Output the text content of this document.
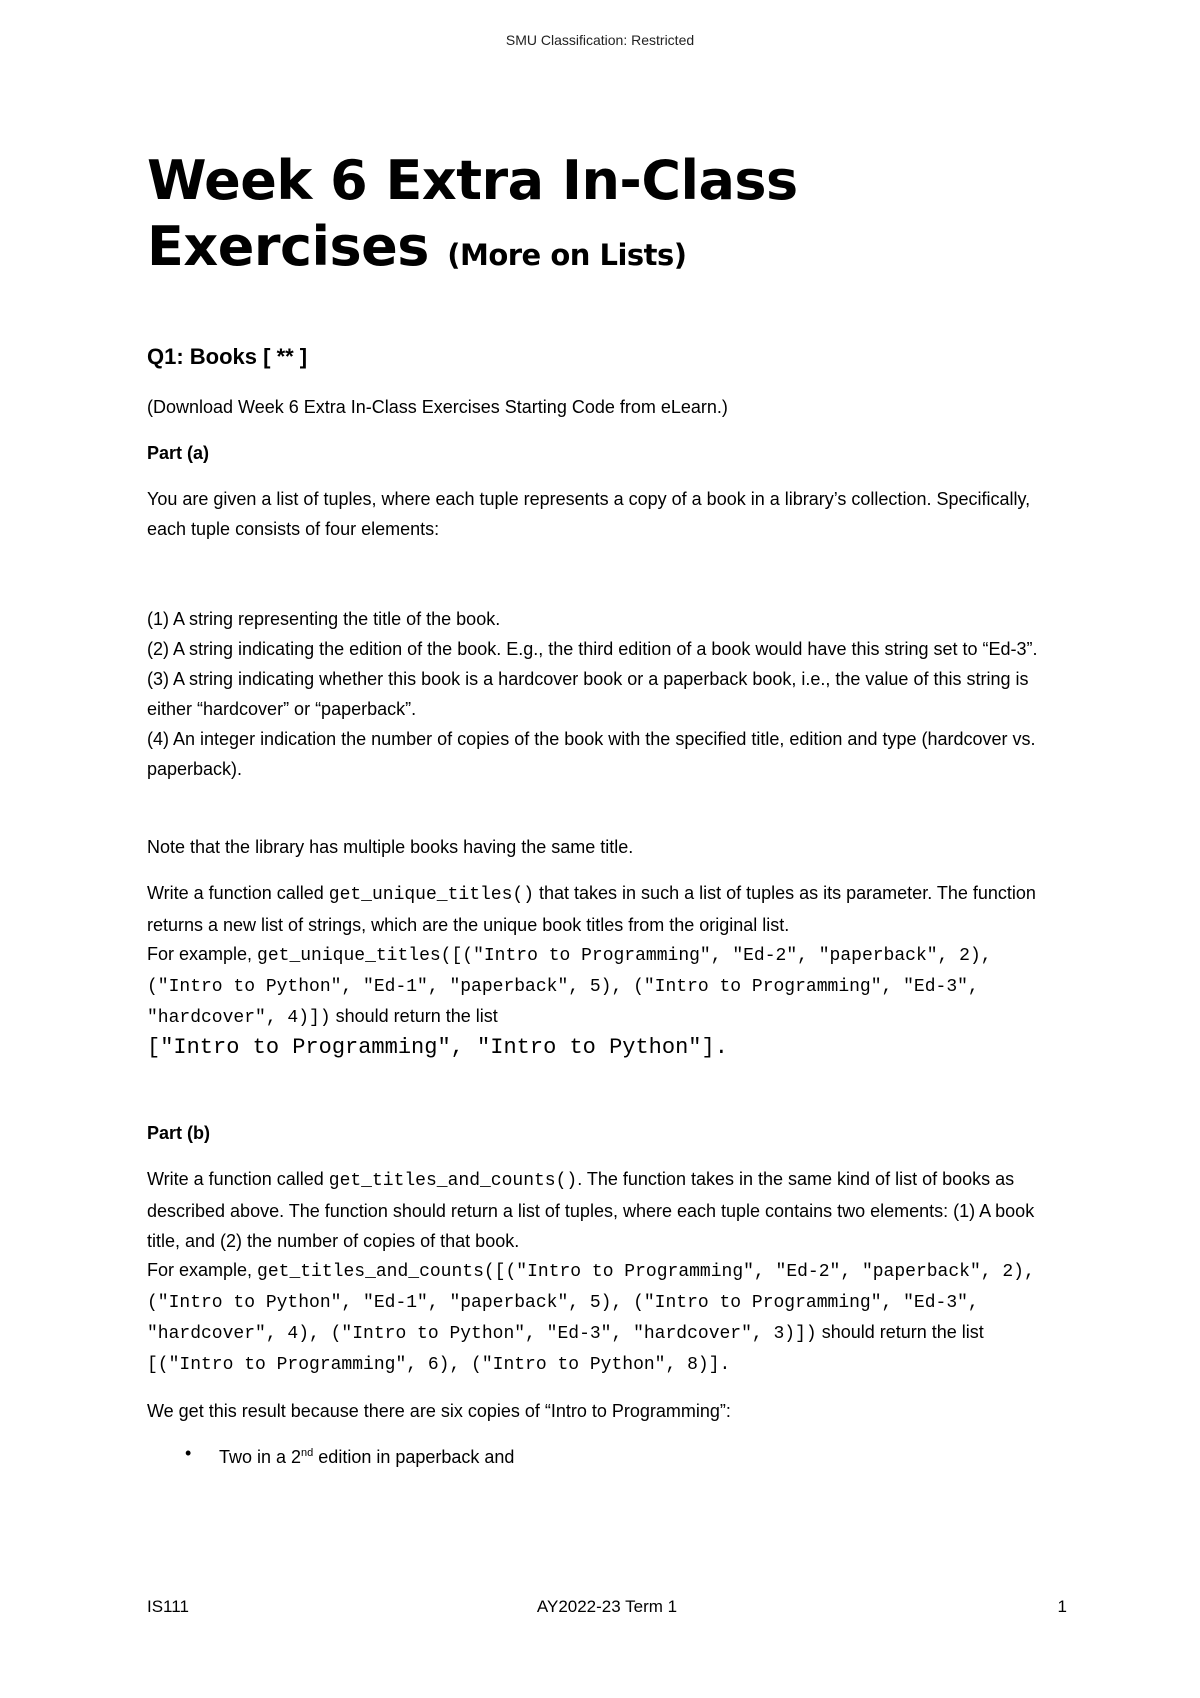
SMU Classification: Restricted
Week 6 Extra In-Class
Exercises (More on Lists)
Q1: Books [ ** ]

(Download Week 6 Extra In-Class Exercises Starting Code from eLearn.)

Part (a)

You are given a list of tuples, where each tuple represents a copy of a book in a library’s collection. Specifically, each tuple consists of four elements:

(1) A string representing the title of the book.

(2) A string indicating the edition of the book. E.g., the third edition of a book would have this string set to “Ed-3”.

(3) A string indicating whether this book is a hardcover book or a paperback book, i.e., the value of this string is either “hardcover” or “paperback”.

(4) An integer indication the number of copies of the book with the specified title, edition and type (hardcover vs. paperback).

Note that the library has multiple books having the same title.

Write a function called get_unique_titles() that takes in such a list of tuples as its parameter. The function returns a new list of strings, which are the unique book titles from the original list.

For example, get_unique_titles([("Intro to Programming", "Ed-2", "paperback", 2), ("Intro to Python", "Ed-1", "paperback", 5), ("Intro to Programming", "Ed-3", "hardcover", 4)]) should return the list
["Intro to Programming", "Intro to Python"].

Part (b)

Write a function called get_titles_and_counts(). The function takes in the same kind of list of books as described above. The function should return a list of tuples, where each tuple contains two elements: (1) A book title, and (2) the number of copies of that book.

For example, get_titles_and_counts([("Intro to Programming", "Ed-2", "paperback", 2), ("Intro to Python", "Ed-1", "paperback", 5), ("Intro to Programming", "Ed-3", "hardcover", 4), ("Intro to Python", "Ed-3", "hardcover", 3)]) should return the list [("Intro to Programming", 6), ("Intro to Python", 8)].

We get this result because there are six copies of “Intro to Programming”:

• Two in a 2nd edition in paperback and
IS111	AY2022-23 Term 1	1
